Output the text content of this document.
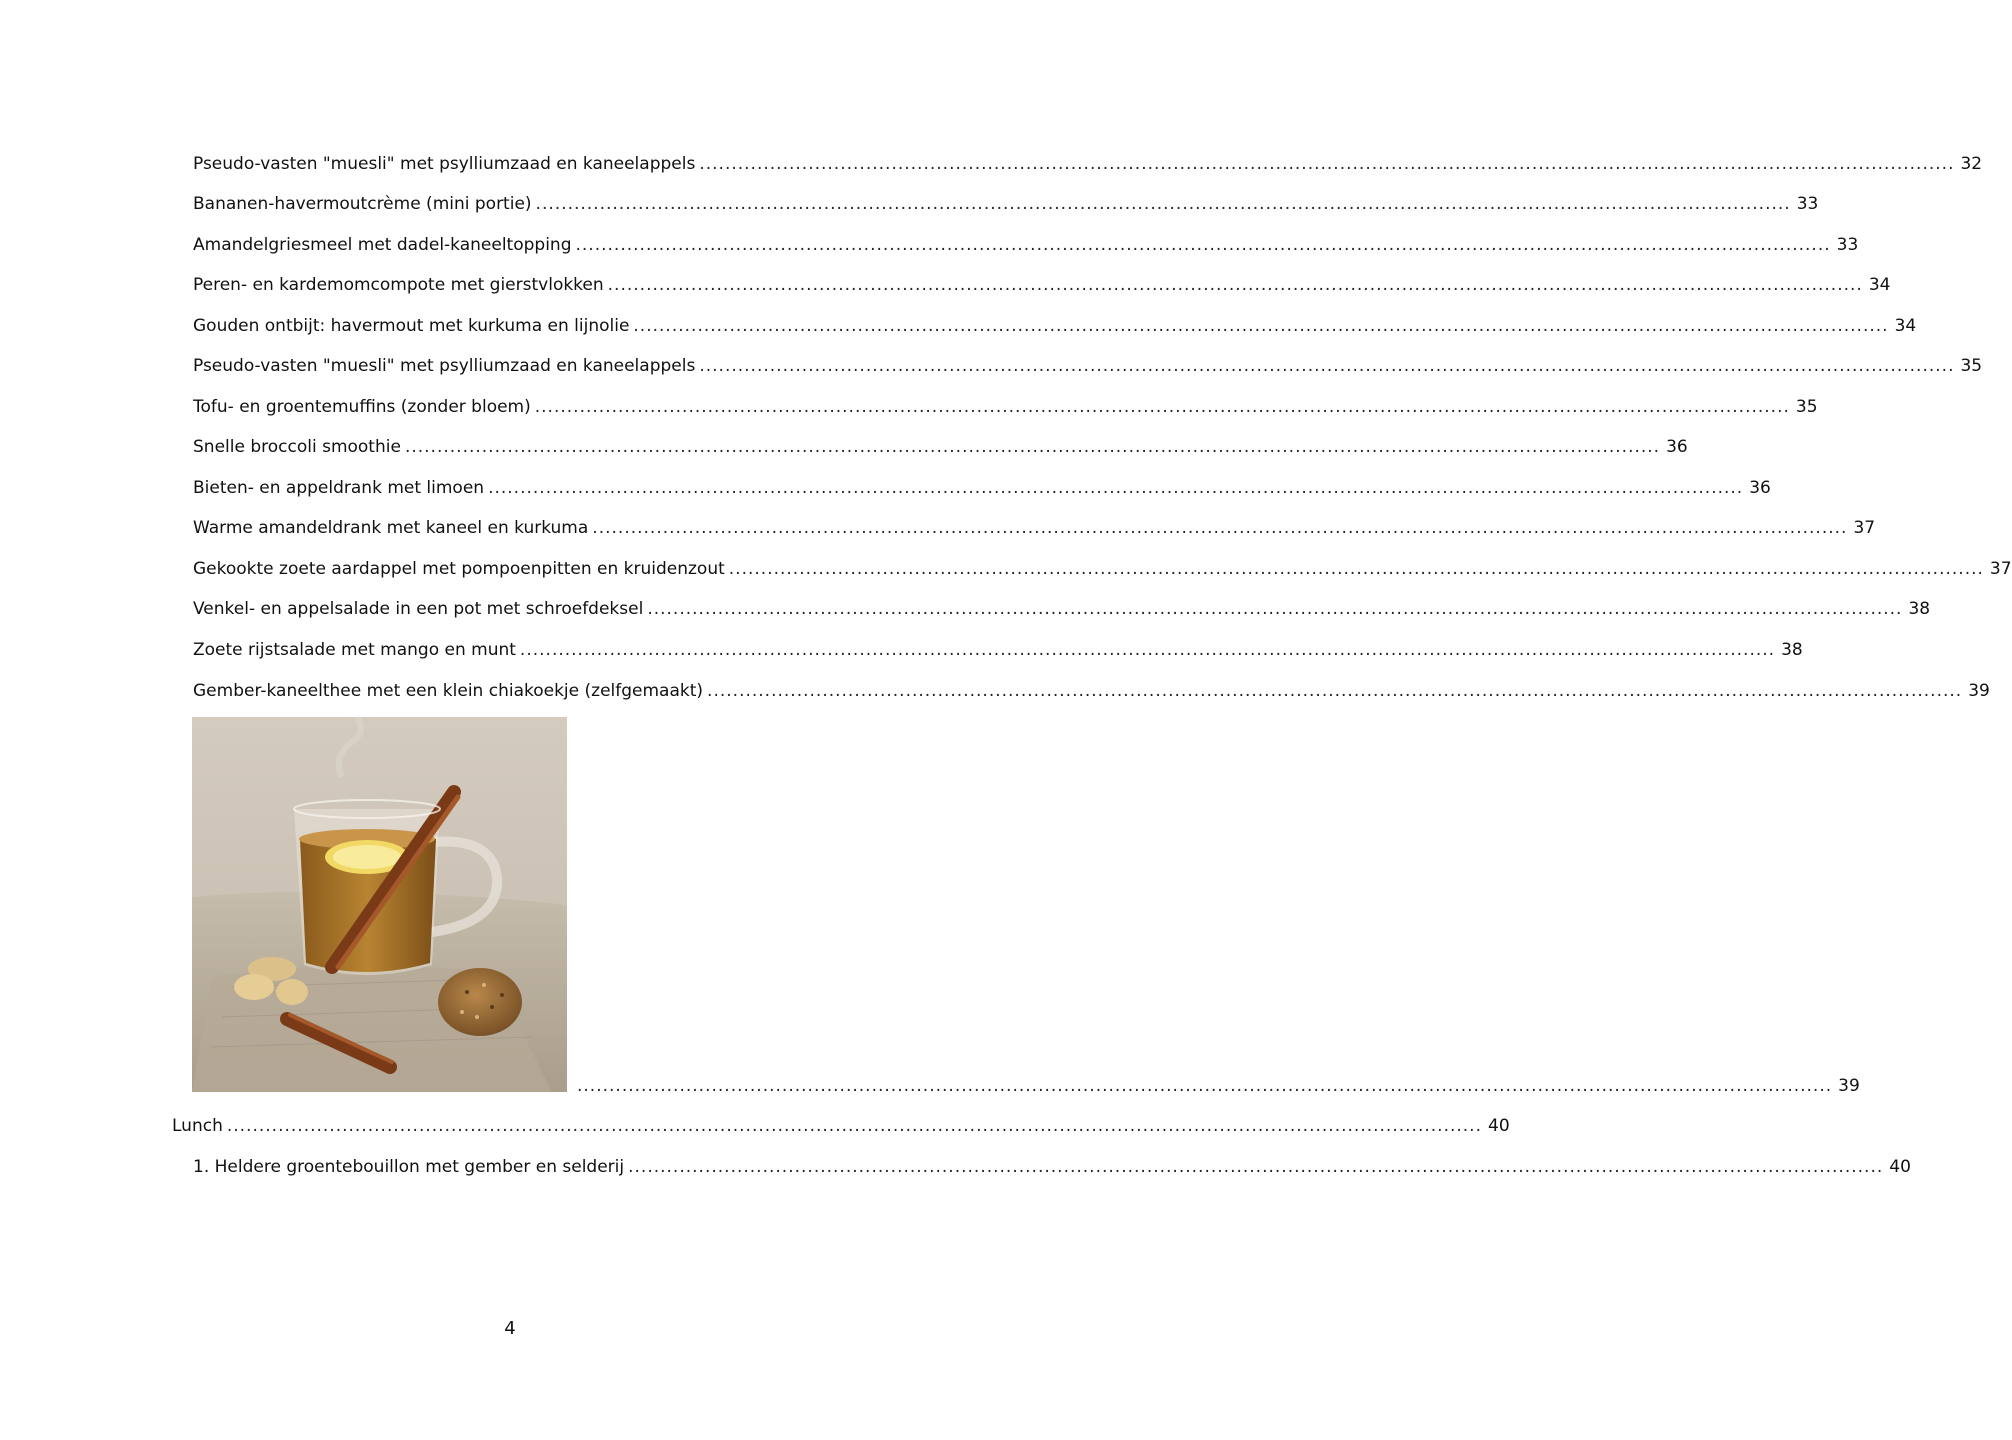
Pseudo-vasten "muesli" met psylliumzaad en kaneelappels .................................................................................................................................................................................................... 32
Bananen-havermoutcrème (mini portie) .................................................................................................................................................................................................... 33
Amandelgriesmeel met dadel-kaneeltopping .................................................................................................................................................................................................... 33
Peren- en kardemomcompote met gierstvlokken .................................................................................................................................................................................................... 34
Gouden ontbijt: havermout met kurkuma en lijnolie .................................................................................................................................................................................................... 34
Pseudo-vasten "muesli" met psylliumzaad en kaneelappels .................................................................................................................................................................................................... 35
Tofu- en groentemuffins (zonder bloem) .................................................................................................................................................................................................... 35
Snelle broccoli smoothie .................................................................................................................................................................................................... 36
Bieten- en appeldrank met limoen .................................................................................................................................................................................................... 36
Warme amandeldrank met kaneel en kurkuma .................................................................................................................................................................................................... 37
Gekookte zoete aardappel met pompoenpitten en kruidenzout .................................................................................................................................................................................................... 37
Venkel- en appelsalade in een pot met schroefdeksel .................................................................................................................................................................................................... 38
Zoete rijstsalade met mango en munt .................................................................................................................................................................................................... 38
Gember-kaneelthee met een klein chiakoekje (zelfgemaakt) .................................................................................................................................................................................................... 39
.................................................................................................................................................................................................... 39
Lunch .................................................................................................................................................................................................... 40
1. Heldere groentebouillon met gember en selderij .................................................................................................................................................................................................... 40
4
